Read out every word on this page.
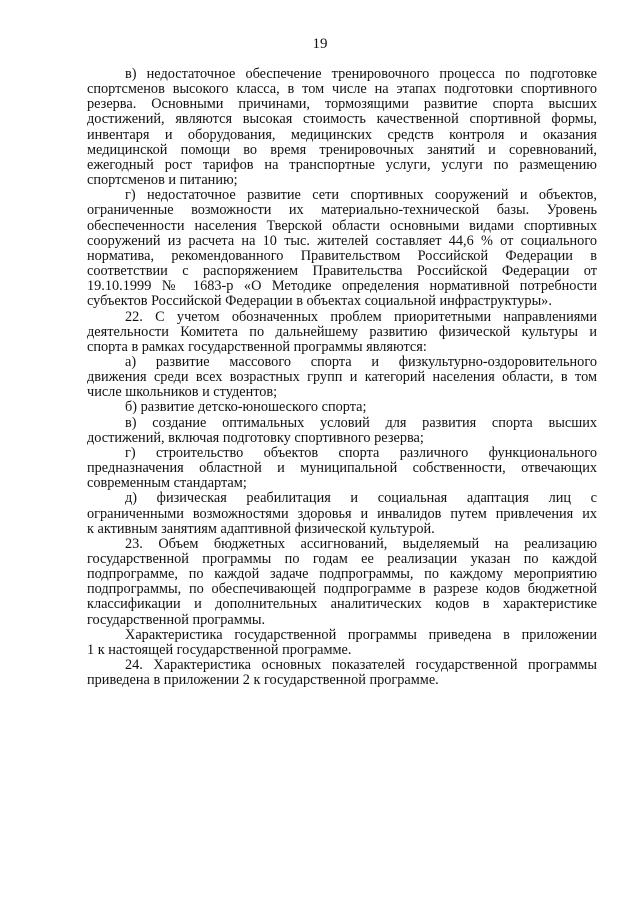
19
в) недостаточное обеспечение тренировочного процесса по подготовке
спортсменов высокого класса, в том числе на этапах подготовки спортивного
резерва. Основными причинами, тормозящими развитие спорта высших
достижений, являются высокая стоимость качественной спортивной формы,
инвентаря и оборудования, медицинских средств контроля и оказания
медицинской помощи во время тренировочных занятий и соревнований,
ежегодный рост тарифов на транспортные услуги, услуги по размещению
спортсменов и питанию;
г) недостаточное развитие сети спортивных сооружений и объектов,
ограниченные возможности их материально-технической базы. Уровень
обеспеченности населения Тверской области основными видами спортивных
сооружений из расчета на 10 тыс. жителей составляет 44,6 % от социального
норматива, рекомендованного Правительством Российской Федерации в
соответствии с распоряжением Правительства Российской Федерации от
19.10.1999 № 1683-р «О Методике определения нормативной потребности
субъектов Российской Федерации в объектах социальной инфраструктуры».
22. С учетом обозначенных проблем приоритетными направлениями
деятельности Комитета по дальнейшему развитию физической культуры и
спорта в рамках государственной программы являются:
а) развитие массового спорта и физкультурно-оздоровительного
движения среди всех возрастных групп и категорий населения области, в том
числе школьников и студентов;
б) развитие детско-юношеского спорта;
в) создание оптимальных условий для развития спорта высших
достижений, включая подготовку спортивного резерва;
г) строительство объектов спорта различного функционального
предназначения областной и муниципальной собственности, отвечающих
современным стандартам;
д) физическая реабилитация и социальная адаптация лиц с
ограниченными возможностями здоровья и инвалидов путем привлечения их
к активным занятиям адаптивной физической культурой.
23. Объем бюджетных ассигнований, выделяемый на реализацию
государственной программы по годам ее реализации указан по каждой
подпрограмме, по каждой задаче подпрограммы, по каждому мероприятию
подпрограммы, по обеспечивающей подпрограмме в разрезе кодов бюджетной
классификации и дополнительных аналитических кодов в характеристике
государственной программы.
Характеристика государственной программы приведена в приложении
1 к настоящей государственной программе.
24. Характеристика основных показателей государственной программы
приведена в приложении 2 к государственной программе.
